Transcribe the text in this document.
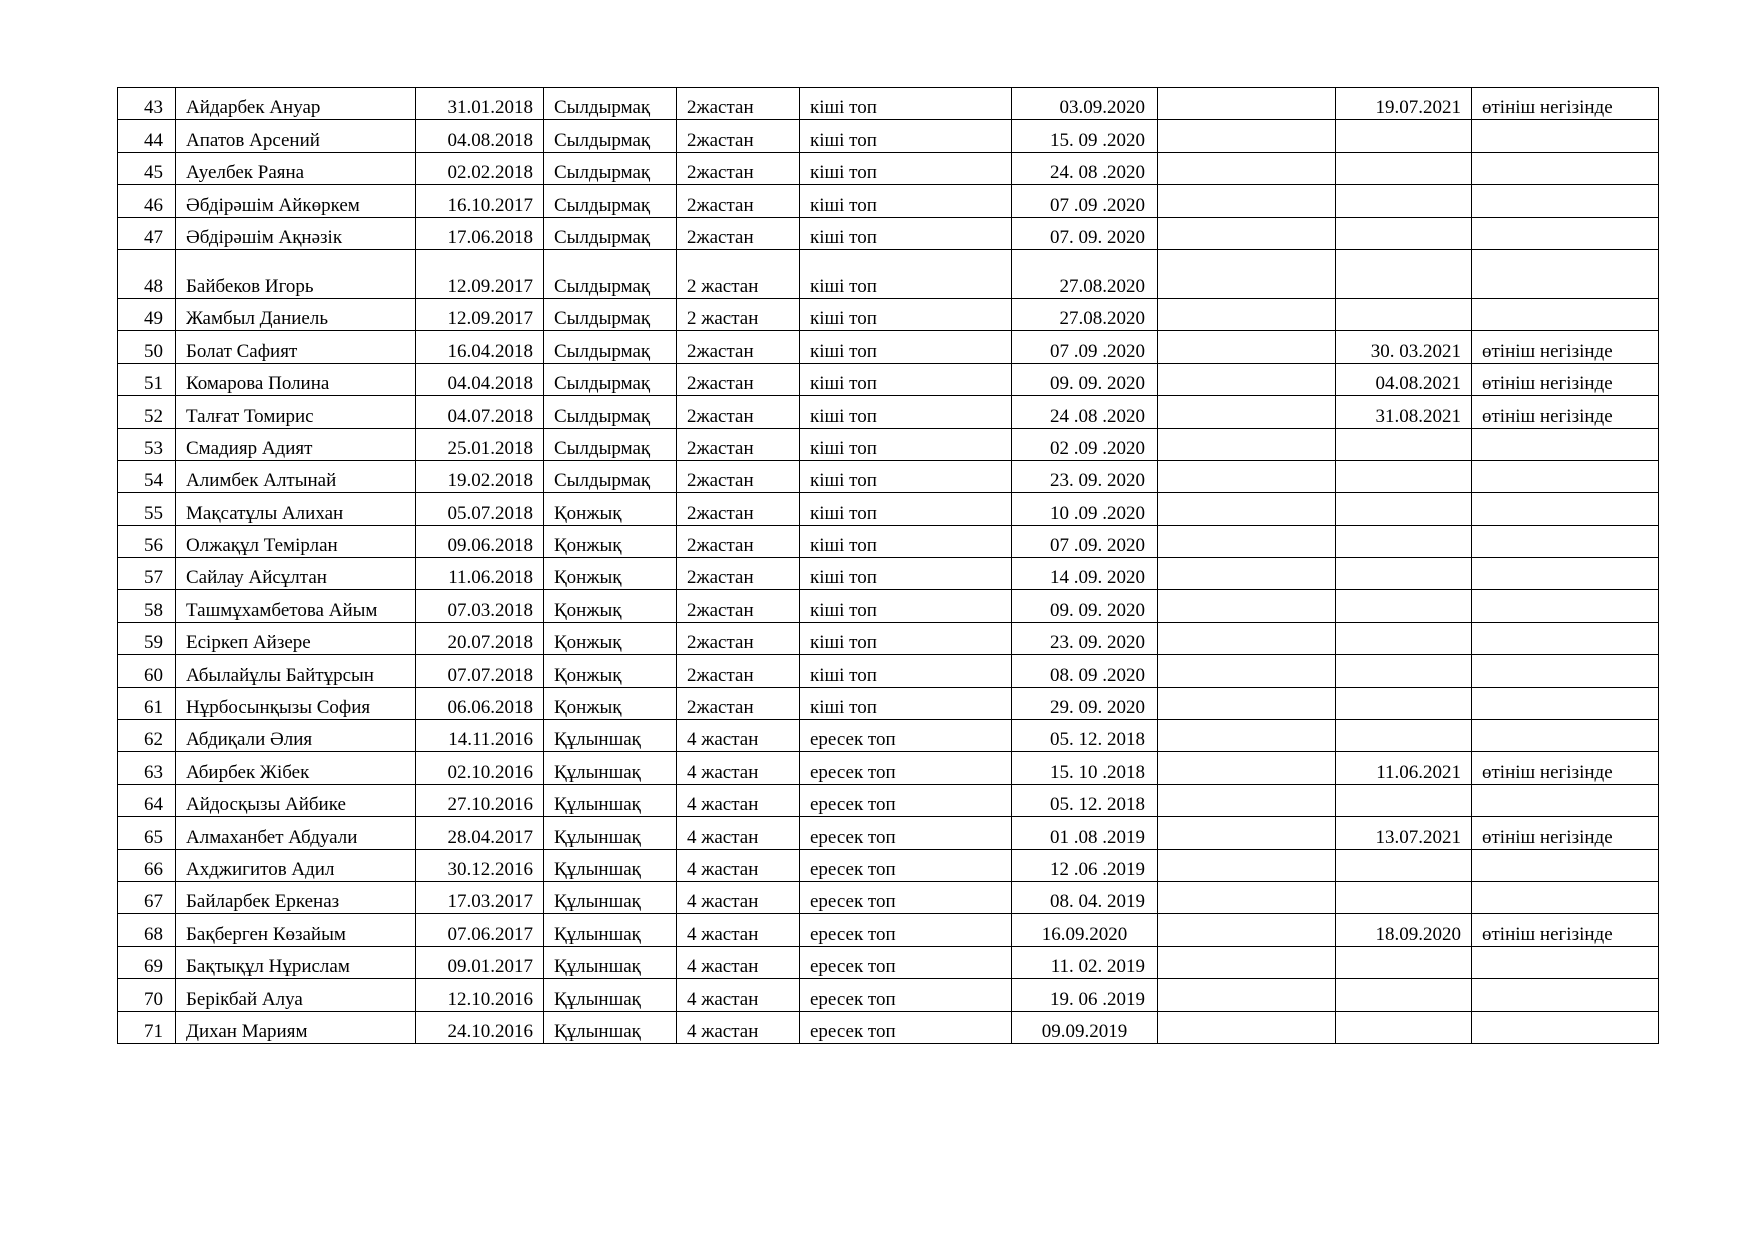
43	Айдарбек Ануар	31.01.2018	Сылдырмақ	2жастан	кіші топ	03.09.2020		19.07.2021	өтініш негізінде
44	Апатов Арсений	04.08.2018	Сылдырмақ	2жастан	кіші топ	15. 09 .2020			
45	Ауелбек Раяна	02.02.2018	Сылдырмақ	2жастан	кіші топ	24. 08 .2020			
46	Әбдірәшім Айкөркем	16.10.2017	Сылдырмақ	2жастан	кіші топ	07 .09 .2020			
47	Әбдірәшім Ақнәзік	17.06.2018	Сылдырмақ	2жастан	кіші топ	07. 09. 2020			
48	Байбеков Игорь	12.09.2017	Сылдырмақ	2 жастан	кіші топ	27.08.2020			
49	Жамбыл Даниель	12.09.2017	Сылдырмақ	2 жастан	кіші топ	27.08.2020			
50	Болат Сафият	16.04.2018	Сылдырмақ	2жастан	кіші топ	07 .09 .2020		30. 03.2021	өтініш негізінде
51	Комарова Полина	04.04.2018	Сылдырмақ	2жастан	кіші топ	09. 09. 2020		04.08.2021	өтініш негізінде
52	Талғат Томирис	04.07.2018	Сылдырмақ	2жастан	кіші топ	24 .08 .2020		31.08.2021	өтініш негізінде
53	Смадияр Адият	25.01.2018	Сылдырмақ	2жастан	кіші топ	02 .09 .2020			
54	Алимбек Алтынай	19.02.2018	Сылдырмақ	2жастан	кіші топ	23. 09. 2020			
55	Мақсатұлы Алихан	05.07.2018	Қонжық	2жастан	кіші топ	10 .09 .2020			
56	Олжақұл Темірлан	09.06.2018	Қонжық	2жастан	кіші топ	07 .09. 2020			
57	Сайлау Айсұлтан	11.06.2018	Қонжық	2жастан	кіші топ	14 .09. 2020			
58	Ташмұхамбетова Айым	07.03.2018	Қонжық	2жастан	кіші топ	09. 09. 2020			
59	Есіркеп Айзере	20.07.2018	Қонжық	2жастан	кіші топ	23. 09. 2020			
60	Абылайұлы Байтұрсын	07.07.2018	Қонжық	2жастан	кіші топ	08. 09 .2020			
61	Нұрбосынқызы София	06.06.2018	Қонжық	2жастан	кіші топ	29. 09. 2020			
62	Абдиқали Әлия	14.11.2016	Құлыншақ	4 жастан	ересек топ	05. 12. 2018			
63	Абирбек Жібек	02.10.2016	Құлыншақ	4 жастан	ересек топ	15. 10 .2018		11.06.2021	өтініш негізінде
64	Айдосқызы Айбике	27.10.2016	Құлыншақ	4 жастан	ересек топ	05. 12. 2018			
65	Алмаханбет Абдуали	28.04.2017	Құлыншақ	4 жастан	ересек топ	01 .08 .2019		13.07.2021	өтініш негізінде
66	Ахджигитов Адил	30.12.2016	Құлыншақ	4 жастан	ересек топ	12 .06 .2019			
67	Байларбек Еркеназ	17.03.2017	Құлыншақ	4 жастан	ересек топ	08. 04. 2019			
68	Бақберген Көзайым	07.06.2017	Құлыншақ	4 жастан	ересек топ	16.09.2020		18.09.2020	өтініш негізінде
69	Бақтықұл Нұрислам	09.01.2017	Құлыншақ	4 жастан	ересек топ	11. 02. 2019			
70	Берікбай Алуа	12.10.2016	Құлыншақ	4 жастан	ересек топ	19. 06 .2019			
71	Дихан Мариям	24.10.2016	Құлыншақ	4 жастан	ересек топ	09.09.2019			
